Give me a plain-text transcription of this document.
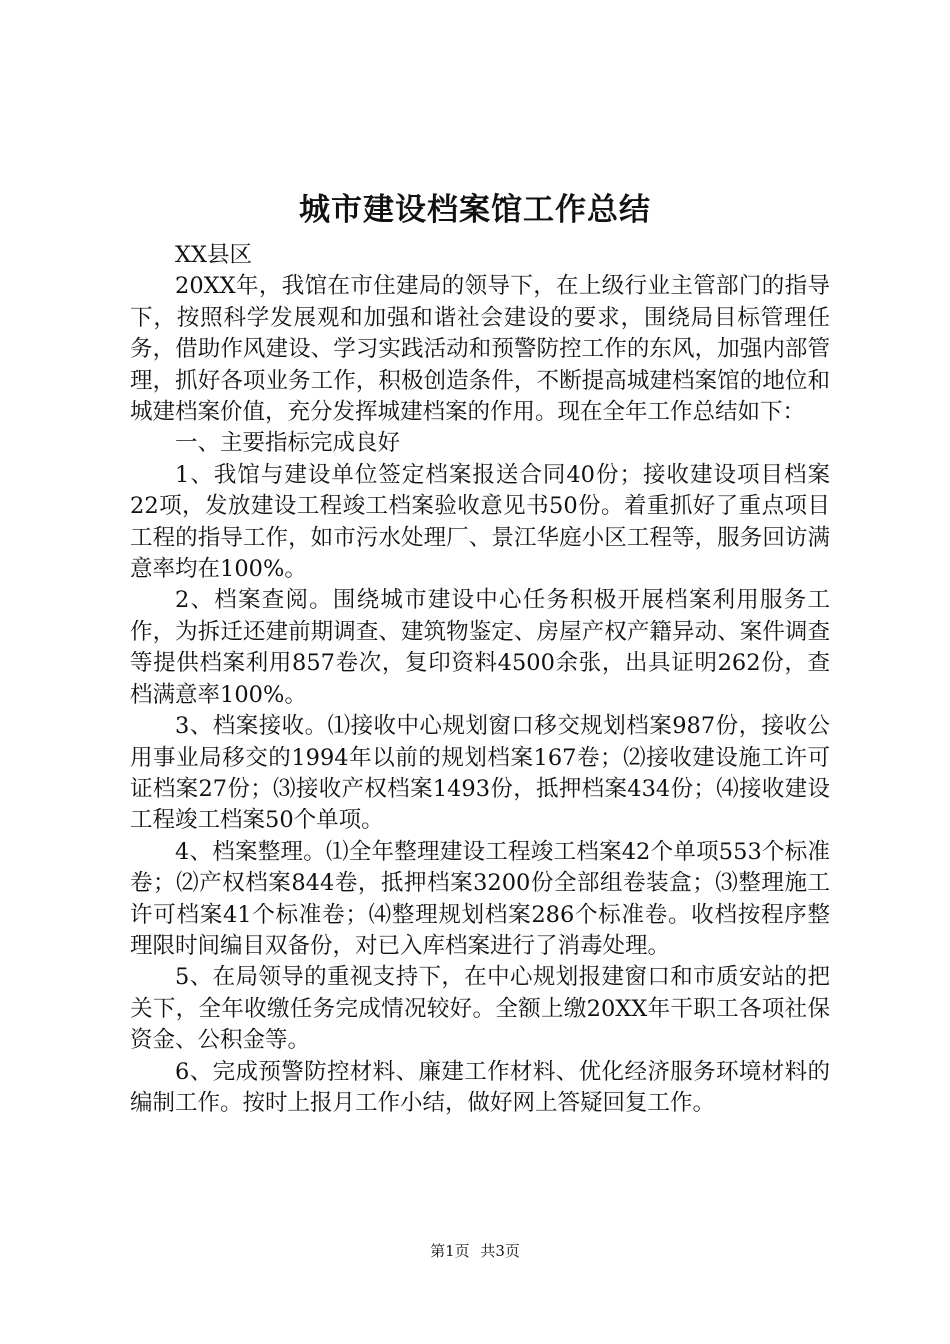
城市建设档案馆工作总结

XX县区

20XX年，我馆在市住建局的领导下，在上级行业主管部门的指导下，按照科学发展观和加强和谐社会建设的要求，围绕局目标管理任务，借助作风建设、学习实践活动和预警防控工作的东风，加强内部管理，抓好各项业务工作，积极创造条件，不断提高城建档案馆的地位和城建档案价值，充分发挥城建档案的作用。现在全年工作总结如下：

一、主要指标完成良好

1、我馆与建设单位签定档案报送合同40份；接收建设项目档案22项，发放建设工程竣工档案验收意见书50份。着重抓好了重点项目工程的指导工作，如市污水处理厂、景江华庭小区工程等，服务回访满意率均在100%。

2、档案查阅。围绕城市建设中心任务积极开展档案利用服务工作，为拆迁还建前期调查、建筑物鉴定、房屋产权产籍异动、案件调查等提供档案利用857卷次，复印资料4500余张，出具证明262份，查档满意率100%。

3、档案接收。⑴接收中心规划窗口移交规划档案987份，接收公用事业局移交的1994年以前的规划档案167卷；⑵接收建设施工许可证档案27份；⑶接收产权档案1493份，抵押档案434份；⑷接收建设工程竣工档案50个单项。

4、档案整理。⑴全年整理建设工程竣工档案42个单项553个标准卷；⑵产权档案844卷，抵押档案3200份全部组卷装盒；⑶整理施工许可档案41个标准卷；⑷整理规划档案286个标准卷。收档按程序整理限时间编目双备份，对已入库档案进行了消毒处理。

5、在局领导的重视支持下，在中心规划报建窗口和市质安站的把关下，全年收缴任务完成情况较好。全额上缴20XX年干职工各项社保资金、公积金等。

6、完成预警防控材料、廉建工作材料、优化经济服务环境材料的编制工作。按时上报月工作小结，做好网上答疑回复工作。

第1页 共3页
